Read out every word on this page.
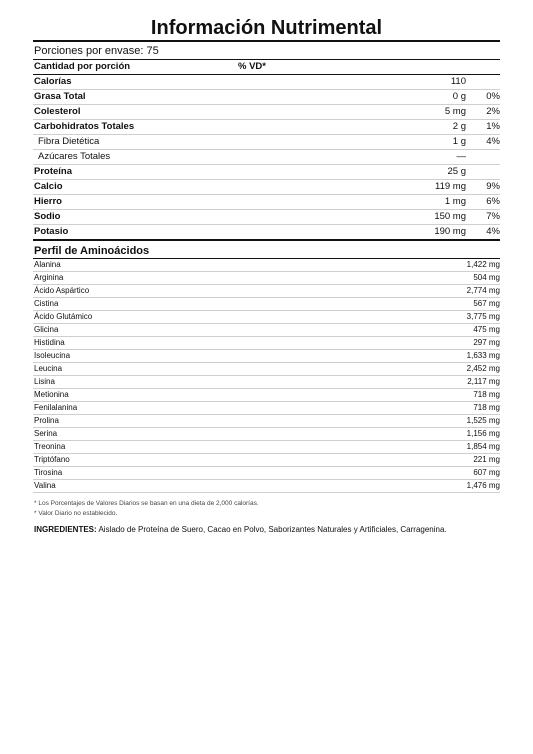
Información Nutrimental
Porciones por envase: 75
Cantidad por porción	% VD*
Calorías	110
Grasa Total	0 g 0%
Colesterol	5 mg 2%
Carbohidratos Totales	2 g 1%
Fibra Dietética	1 g 4%
Azúcares Totales	—
Proteína	25 g
Calcio	119 mg 9%
Hierro	1 mg 6%
Sodio	150 mg 7%
Potasio	190 mg 4%
Perfil de Aminoácidos
Alanina	1,422 mg
Arginina	504 mg
Ácido Aspártico	2,774 mg
Cistina	567 mg
Ácido Glutámico	3,775 mg
Glicina	475 mg
Histidina	297 mg
Isoleucina	1,633 mg
Leucina	2,452 mg
Lisina	2,117 mg
Metionina	718 mg
Fenilalanina	718 mg
Prolina	1,525 mg
Serina	1,156 mg
Treonina	1,854 mg
Triptófano	221 mg
Tirosina	607 mg
Valina	1,476 mg
* Los Porcentajes de Valores Diarios se basan en una dieta de 2,000 calorías.
* Valor Diario no establecido.
INGREDIENTES: Aislado de Proteína de Suero, Cacao en Polvo, Saborizantes Naturales y Artificiales, Carragenina.
